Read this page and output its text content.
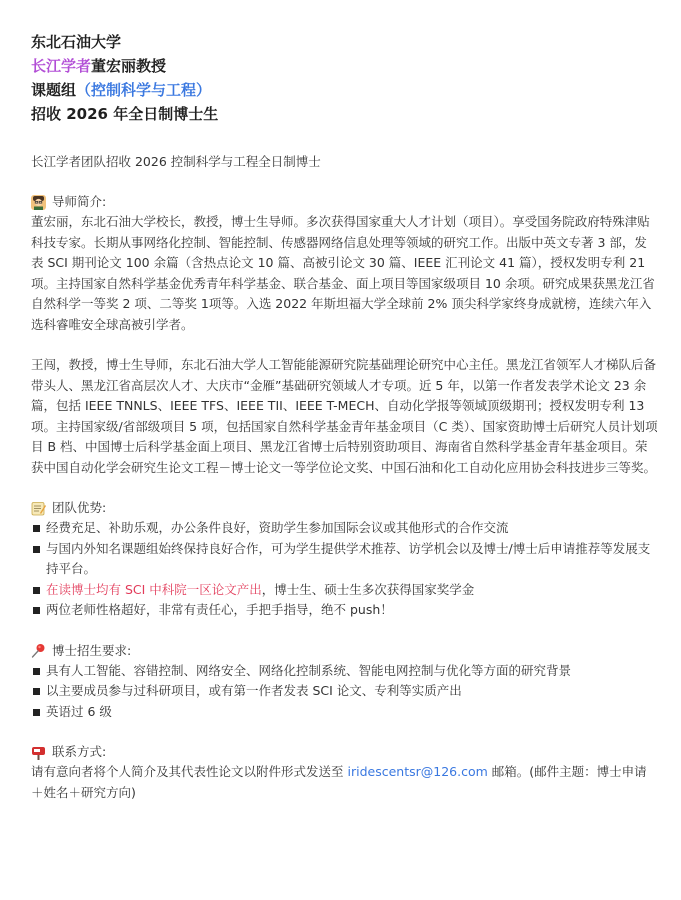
东北石油大学
长江学者董宏丽教授
课题组（控制科学与工程）
招收 2026 年全日制博士生
长江学者团队招收 2026 控制科学与工程全日制博士
导师简介:

董宏丽，东北石油大学校长，教授，博士生导师。多次获得国家重大人才计划（项目）。享受国务院政府特殊津贴科技专家。长期从事网络化控制、智能控制、传感器网络信息处理等领域的研究工作。出版中英文专著 3 部，发表 SCI 期刊论文 100 余篇（含热点论文 10 篇、高被引论文 30 篇、IEEE 汇刊论文 41 篇），授权发明专利 21 项。主持国家自然科学基金优秀青年科学基金、联合基金、面上项目等国家级项目 10 余项。研究成果获黑龙江省自然科学一等奖 2 项、二等奖 1项等。入选 2022 年斯坦福大学全球前 2% 顶尖科学家终身成就榜，连续六年入选科睿唯安全球高被引学者。

王闯，教授，博士生导师，东北石油大学人工智能能源研究院基础理论研究中心主任。黑龙江省领军人才梯队后备带头人、黑龙江省高层次人才、大庆市“金雁”基础研究领域人才专项。近 5 年，以第一作者发表学术论文 23 余篇，包括 IEEE TNNLS、IEEE TFS、IEEE TII、IEEE T-MECH、自动化学报等领域顶级期刊；授权发明专利 13 项。主持国家级/省部级项目 5 项，包括国家自然科学基金青年基金项目（C 类）、国家资助博士后研究人员计划项目 B 档、中国博士后科学基金面上项目、黑龙江省博士后特别资助项目、海南省自然科学基金青年基金项目。荣获中国自动化学会研究生论文工程－博士论文一等学位论文奖、中国石油和化工自动化应用协会科技进步三等奖。

团队优势:
经费充足、补助乐观，办公条件良好，资助学生参加国际会议或其他形式的合作交流
与国内外知名课题组始终保持良好合作，可为学生提供学术推荐、访学机会以及博士/博士后申请推荐等发展支持平台。
在读博士均有 SCI 中科院一区论文产出，博士生、硕士生多次获得国家奖学金
两位老师性格超好，非常有责任心，手把手指导，绝不 push！
博士招生要求:
具有人工智能、容错控制、网络安全、网络化控制系统、智能电网控制与优化等方面的研究背景
以主要成员参与过科研项目，或有第一作者发表 SCI 论文、专利等实质产出
英语过 6 级
联系方式:

请有意向者将个人简介及其代表性论文以附件形式发送至 iridescentsr@126.com 邮箱。(邮件主题：博士申请＋姓名＋研究方向)
